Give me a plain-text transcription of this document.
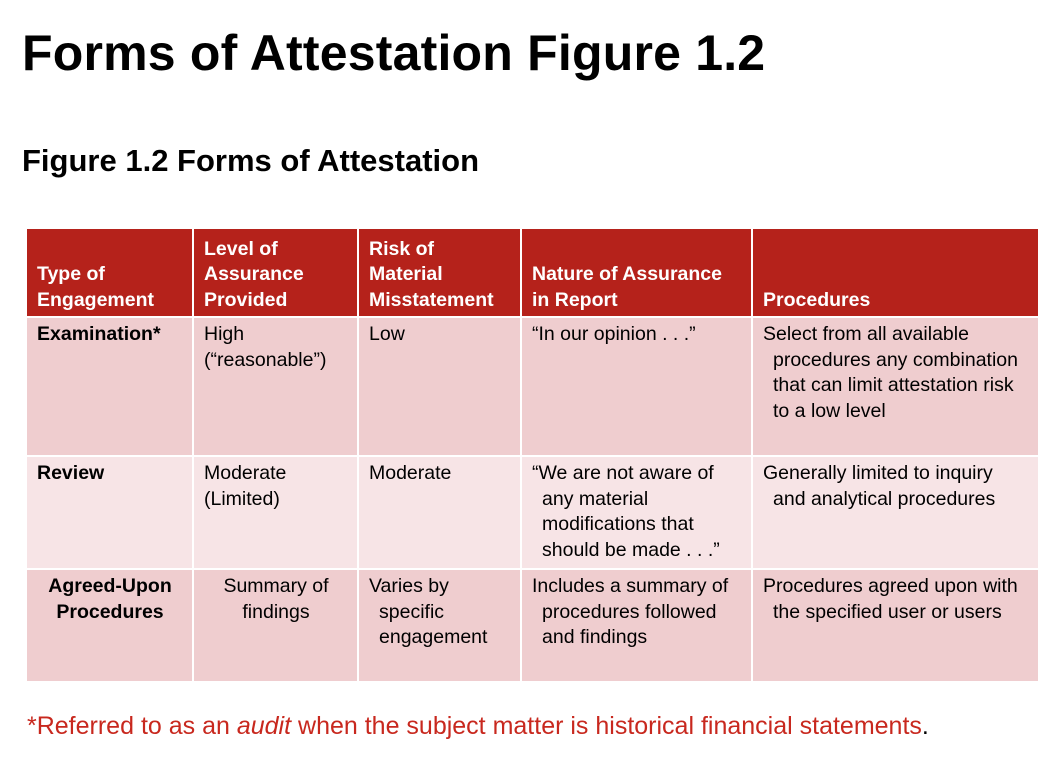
Forms of Attestation Figure 1.2
Figure 1.2 Forms of Attestation
Type of Engagement	Level of Assurance Provided	Risk of Material Misstatement	Nature of Assurance in Report	Procedures
Examination*	High (“reasonable”)	Low	“In our opinion . . .”	Select from all available procedures any combination that can limit attestation risk to a low level
Review	Moderate (Limited)	Moderate	“We are not aware of any material modifications that should be made . . .”	Generally limited to inquiry and analytical procedures
Agreed-Upon Procedures	Summary of findings	Varies by specific engagement	Includes a summary of procedures followed and findings	Procedures agreed upon with the specified user or users
*Referred to as an audit when the subject matter is historical financial statements.
